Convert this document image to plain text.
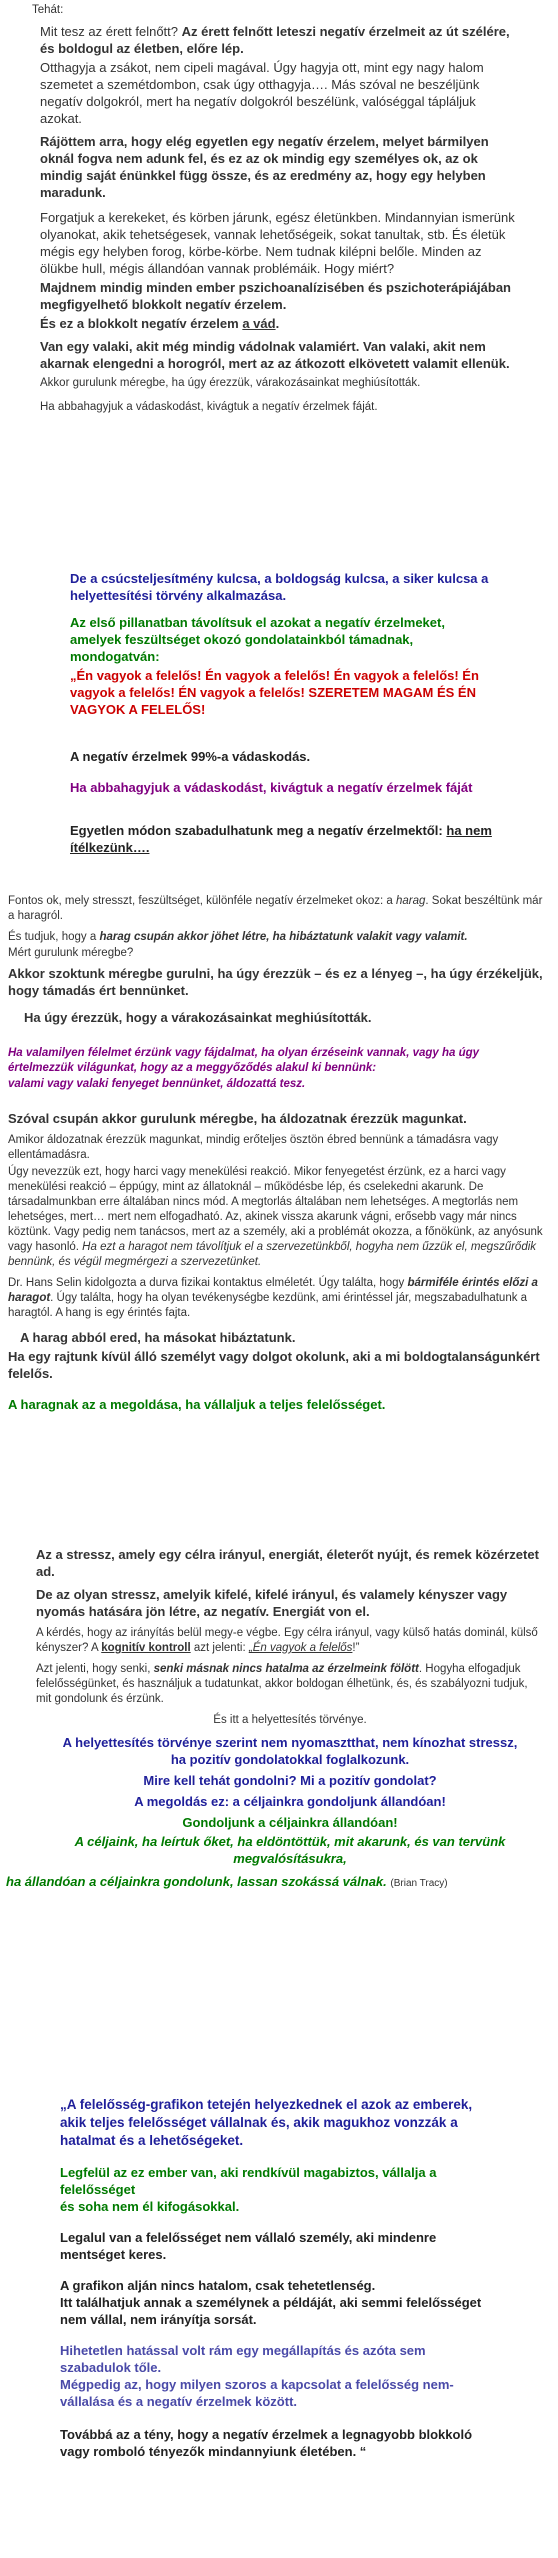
Tehát:

Mit tesz az érett felnőtt? Az érett felnőtt leteszi negatív érzelmeit az út szélére, és boldogul az életben, előre lép.

Otthagyja a zsákot, nem cipeli magával. Úgy hagyja ott, mint egy nagy halom szemetet a szemétdombon, csak úgy otthagyja…. Más szóval ne beszéljünk negatív dolgokról, mert ha negatív dolgokról beszélünk, valóséggal tápláljuk azokat.

Rájöttem arra, hogy elég egyetlen egy negatív érzelem, melyet bármilyen oknál fogva nem adunk fel, és ez az ok mindig egy személyes ok, az ok mindig saját énünkkel függ össze, és az eredmény az, hogy egy helyben maradunk.

Forgatjuk a kerekeket, és körben járunk, egész életünkben. Mindannyian ismerünk olyanokat, akik tehetségesek, vannak lehetőségeik, sokat tanultak, stb. És életük mégis egy helyben forog, körbe-körbe. Nem tudnak kilépni belőle. Minden az ölükbe hull, mégis állandóan vannak problémáik. Hogy miért?

Majdnem mindig minden ember pszichoanalízisében és pszichoterápiájában megfigyelhető blokkolt negatív érzelem.

És ez a blokkolt negatív érzelem a vád.

Van egy valaki, akit még mindig vádolnak valamiért. Van valaki, akit nem akarnak elengedni a horogról, mert az az átkozott elkövetett valamit ellenük.

Akkor gurulunk méregbe, ha úgy érezzük, várakozásainkat meghiúsították.

Ha abbahagyjuk a vádaskodást, kivágtuk a negatív érzelmek fáját.

De a csúcsteljesítmény kulcsa, a boldogság kulcsa, a siker kulcsa a helyettesítési törvény alkalmazása.

Az első pillanatban távolítsuk el azokat a negatív érzelmeket, amelyek feszültséget okozó gondolatainkból támadnak, mondogatván:

„Én vagyok a felelős! Én vagyok a felelős! Én vagyok a felelős! Én vagyok a felelős! ÉN vagyok a felelős! SZERETEM MAGAM ÉS ÉN VAGYOK A FELELŐS!

A negatív érzelmek 99%-a vádaskodás.

Ha abbahagyjuk a vádaskodást, kivágtuk a negatív érzelmek fáját

Egyetlen módon szabadulhatunk meg a negatív érzelmektől: ha nem ítélkezünk….

Fontos ok, mely stresszt, feszültséget, különféle negatív érzelmeket okoz: a harag. Sokat beszéltünk már a haragról.

És tudjuk, hogy a harag csupán akkor jöhet létre, ha hibáztatunk valakit vagy valamit.

Mért gurulunk méregbe?

Akkor szoktunk méregbe gurulni, ha úgy érezzük – és ez a lényeg –, ha úgy érzékeljük, hogy támadás ért bennünket.

Ha úgy érezzük, hogy a várakozásainkat meghiúsították.

Ha valamilyen félelmet érzünk vagy fájdalmat, ha olyan érzéseink vannak, vagy ha úgy értelmezzük világunkat, hogy az a meggyőződés alakul ki bennünk:

valami vagy valaki fenyeget bennünket, áldozattá tesz.

Szóval csupán akkor gurulunk méregbe, ha áldozatnak érezzük magunkat.

Amikor áldozatnak érezzük magunkat, mindig erőteljes ösztön ébred bennünk a támadásra vagy ellentámadásra.

Úgy nevezzük ezt, hogy harci vagy menekülési reakció. Mikor fenyegetést érzünk, ez a harci vagy menekülési reakció – éppúgy, mint az állatoknál – működésbe lép, és cselekedni akarunk. De társadalmunkban erre általában nincs mód. A megtorlás általában nem lehetséges. A megtorlás nem lehetséges, mert… mert nem elfogadható. Az, akinek vissza akarunk vágni, erősebb vagy már nincs köztünk. Vagy pedig nem tanácsos, mert az a személy, aki a problémát okozza, a főnökünk, az anyósunk vagy hasonló. Ha ezt a haragot nem távolítjuk el a szervezetünkből, hogyha nem űzzük el, megszűrődik bennünk, és végül megmérgezi a szervezetünket.

Dr. Hans Selin kidolgozta a durva fizikai kontaktus elméletét. Úgy találta, hogy bármiféle érintés előzi a haragot. Úgy találta, hogy ha olyan tevékenységbe kezdünk, ami érintéssel jár, megszabadulhatunk a haragtól. A hang is egy érintés fajta.

A harag abból ered, ha másokat hibáztatunk.

Ha egy rajtunk kívül álló személyt vagy dolgot okolunk, aki a mi boldogtalanságunkért felelős.

A haragnak az a megoldása, ha vállaljuk a teljes felelősséget.

Az a stressz, amely egy célra irányul, energiát, életerőt nyújt, és remek közérzetet ad.

De az olyan stressz, amelyik kifelé, kifelé irányul, és valamely kényszer vagy nyomás hatására jön létre, az negatív. Energiát von el.

A kérdés, hogy az irányítás belül megy-e végbe. Egy célra irányul, vagy külső hatás dominál, külső kényszer? A kognitív kontroll azt jelenti: „Én vagyok a felelős!”

Azt jelenti, hogy senki, senki másnak nincs hatalma az érzelmeink fölött. Hogyha elfogadjuk felelősségünket, és használjuk a tudatunkat, akkor boldogan élhetünk, és, és szabályozni tudjuk, mit gondolunk és érzünk.

És itt a helyettesítés törvénye.

A helyettesítés törvénye szerint nem nyomasztthat, nem kínozhat stressz, ha pozitív gondolatokkal foglalkozunk.

Mire kell tehát gondolni? Mi a pozitív gondolat?

A megoldás ez: a céljainkra gondoljunk állandóan!

Gondoljunk a céljainkra állandóan!

A céljaink, ha leírtuk őket, ha eldöntöttük, mit akarunk, és van tervünk megvalósításukra,

ha állandóan a céljainkra gondolunk, lassan szokássá válnak. (Brian Tracy)

„A felelősség-grafikon tetején helyezkednek el azok az emberek, akik teljes felelősséget vállalnak és, akik magukhoz vonzzák a hatalmat és a lehetőségeket.

Legfelül az ez ember van, aki rendkívül magabiztos, vállalja a felelősséget
és soha nem él kifogásokkal.

Legalul van a felelősséget nem vállaló személy, aki mindenre mentséget keres.

A grafikon alján nincs hatalom, csak tehetetlenség.
Itt találhatjuk annak a személynek a példáját, aki semmi felelősséget nem vállal, nem irányítja sorsát.

Hihetetlen hatással volt rám egy megállapítás és azóta sem szabadulok tőle.
Mégpedig az, hogy milyen szoros a kapcsolat a felelősség nem-vállalása és a negatív érzelmek között.

Továbbá az a tény, hogy a negatív érzelmek a legnagyobb blokkoló vagy romboló tényezők mindannyiunk életében. “
